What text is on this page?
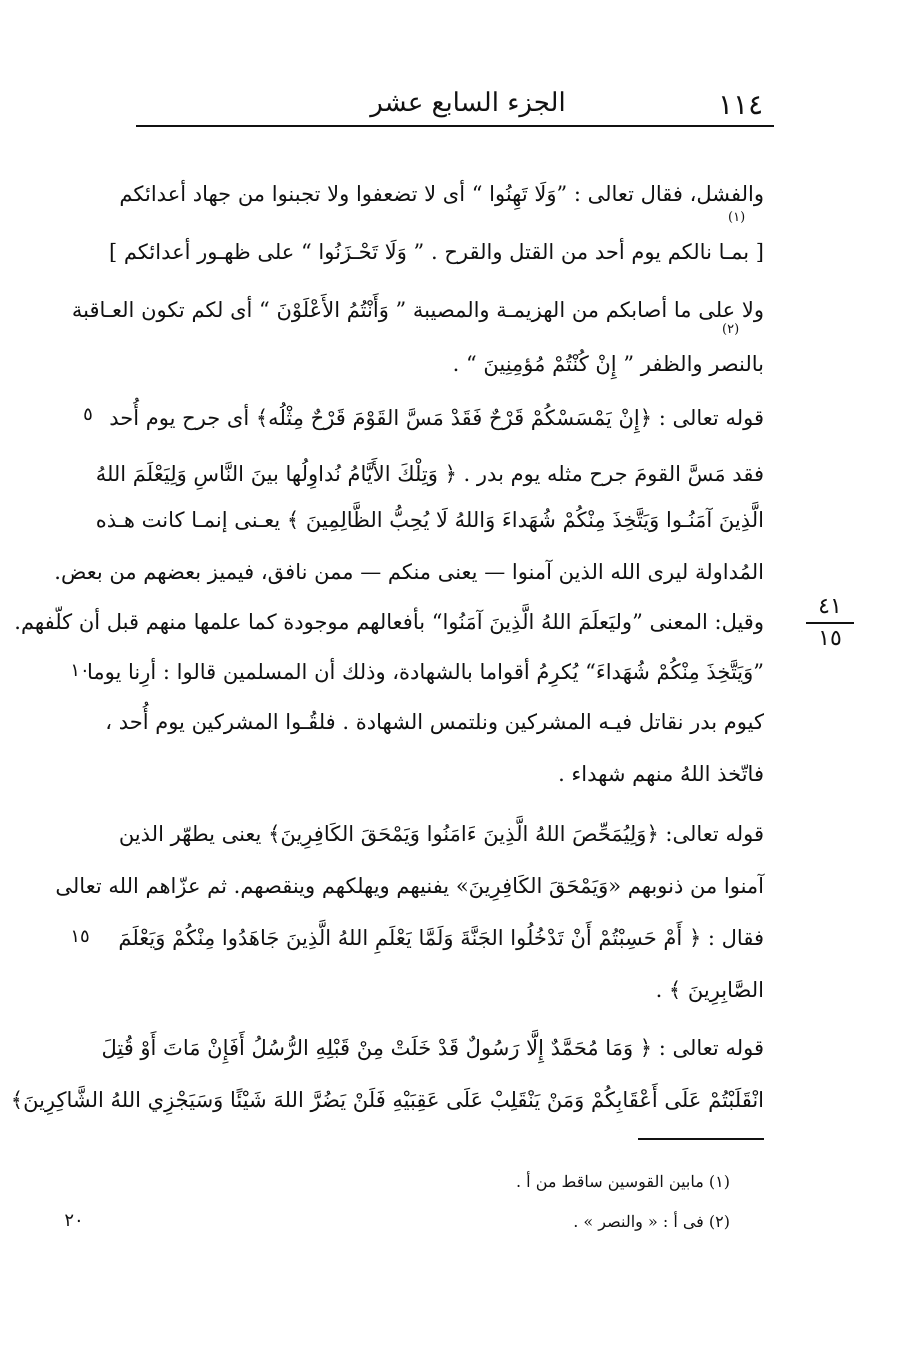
١١٤
الجزء السابع عشر
والفشل، فقال تعالى : ”وَلَا تَهِنُوا “ أى لا تضعفوا ولا تجبنوا من جهاد أعدائكم
(١)
[ بمـا نالكم يوم أحد من القتل والقرح . ” وَلَا تَحْـزَنُوا “ على ظهـور أعدائكم ]
ولا على ما أصابكم من الهزيمـة والمصيبة ” وَأَنْتُمُ الأَعْلَوْنَ “ أى لكم تكون العـاقبة
(٢)
بالنصر والظفر ” إِنْ كُنْتُمْ مُؤمِنِينَ “ .
قوله تعالى : ﴿إِنْ يَمْسَسْكُمْ قَرْحٌ فَقَدْ مَسَّ القَوْمَ قَرْحٌ مِثْلُه﴾ أى جرح يوم أُحد
فقد مَسَّ القومَ جرح مثله يوم بدر . ﴿ وَتِلْكَ الأَيَّامُ نُداوِلُها بينَ النَّاسِ وَلِيَعْلَمَ اللهُ
الَّذِينَ آمَنُـوا وَيَتَّخِذَ مِنْكُمْ شُهَداءَ وَاللهُ لَا يُحِبُّ الظَّالِمِينَ ﴾ يعـنى إنمـا كانت هـذه
المُداولة ليرى الله الذين آمنوا — يعنى منكم — ممن نافق، فيميز بعضهم من بعض.
وقيل: المعنى ”وليَعلَمَ اللهُ الَّذِينَ آمَنُوا“ بأفعالهم موجودة كما علمها منهم قبل أن كلّفهم.
”وَيَتَّخِذَ مِنْكُمْ شُهَداءَ“ يُكرِمُ أقواما بالشهادة، وذلك أن المسلمين قالوا : أرِنا يوما
كيوم بدر نقاتل فيـه المشركين ونلتمس الشهادة . فلقُـوا المشركين يوم أُحد ،
فاتّخذ اللهُ منهم شهداء .
قوله تعالى: ﴿وَلِيُمَحِّصَ اللهُ الَّذِينَ ءَامَنُوا وَيَمْحَقَ الكَافِرِينَ﴾ يعنى يطهّر الذين
آمنوا من ذنوبهم «وَيَمْحَقَ الكَافِرِينَ» يفنيهم ويهلكهم وينقصهم. ثم عزّاهم الله تعالى
فقال : ﴿ أَمْ حَسِبْتُمْ أَنْ تَدْخُلُوا الجَنَّةَ وَلَمَّا يَعْلَمِ اللهُ الَّذِينَ جَاهَدُوا مِنْكُمْ وَيَعْلَمَ
الصَّابِرِينَ ﴾ .
قوله تعالى : ﴿ وَمَا مُحَمَّدٌ إِلَّا رَسُولٌ قَدْ خَلَتْ مِنْ قَبْلِهِ الرُّسُلُ أَفَإِنْ مَاتَ أَوْ قُتِلَ
انْقَلَبْتُمْ عَلَى أَعْقَابِكُمْ وَمَنْ يَنْقَلِبْ عَلَى عَقِبَيْهِ فَلَنْ يَضُرَّ اللهَ شَيْئًا وَسَيَجْزِي اللهُ الشَّاكِرِينَ﴾
٥
١٠
١٥
٢٠
٤١
١٥
(١) مابين القوسين ساقط من أ .
(٢) فى أ : « والنصر » .
